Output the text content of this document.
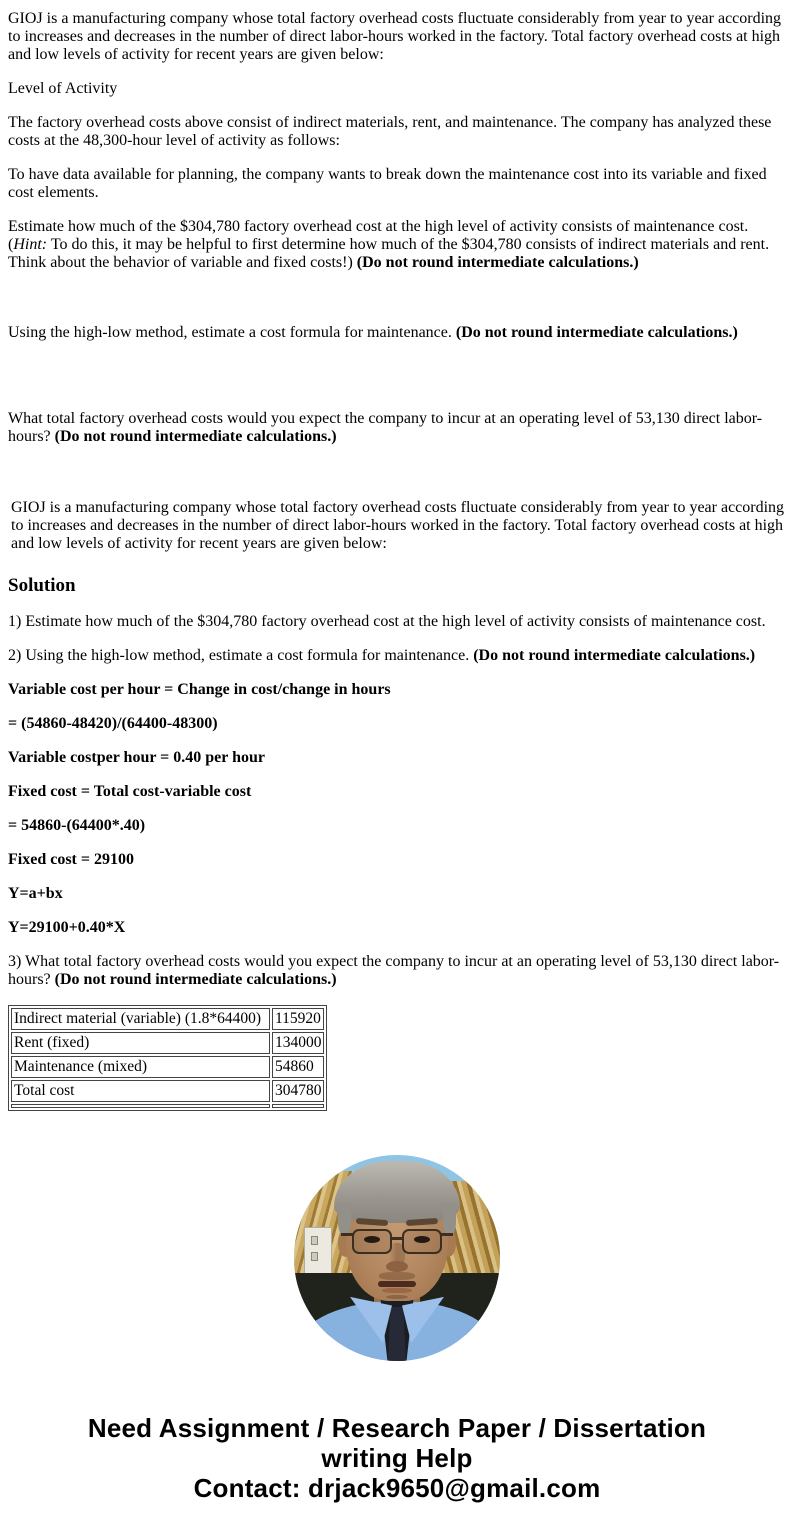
GIOJ is a manufacturing company whose total factory overhead costs fluctuate considerably from year to year according to increases and decreases in the number of direct labor-hours worked in the factory. Total factory overhead costs at high and low levels of activity for recent years are given below:

Level of Activity

The factory overhead costs above consist of indirect materials, rent, and maintenance. The company has analyzed these costs at the 48,300-hour level of activity as follows:

To have data available for planning, the company wants to break down the maintenance cost into its variable and fixed cost elements.

Estimate how much of the $304,780 factory overhead cost at the high level of activity consists of maintenance cost. (Hint: To do this, it may be helpful to first determine how much of the $304,780 consists of indirect materials and rent. Think about the behavior of variable and fixed costs!) (Do not round intermediate calculations.)

Using the high-low method, estimate a cost formula for maintenance. (Do not round intermediate calculations.)

What total factory overhead costs would you expect the company to incur at an operating level of 53,130 direct labor-hours? (Do not round intermediate calculations.)

GIOJ is a manufacturing company whose total factory overhead costs fluctuate considerably from year to year according to increases and decreases in the number of direct labor-hours worked in the factory. Total factory overhead costs at high and low levels of activity for recent years are given below:

Solution

1) Estimate how much of the $304,780 factory overhead cost at the high level of activity consists of maintenance cost.

2) Using the high-low method, estimate a cost formula for maintenance. (Do not round intermediate calculations.)

Variable cost per hour = Change in cost/change in hours

= (54860-48420)/(64400-48300)

Variable costper hour = 0.40 per hour

Fixed cost = Total cost-variable cost

= 54860-(64400*.40)

Fixed cost = 29100

Y=a+bx

Y=29100+0.40*X

3) What total factory overhead costs would you expect the company to incur at an operating level of 53,130 direct labor-hours? (Do not round intermediate calculations.)

Indirect material (variable) (1.8*64400)	115920
Rent (fixed)	134000
Maintenance (mixed)	54860
Total cost	304780

Need Assignment / Research Paper / Dissertation
writing Help
Contact: drjack9650@gmail.com
